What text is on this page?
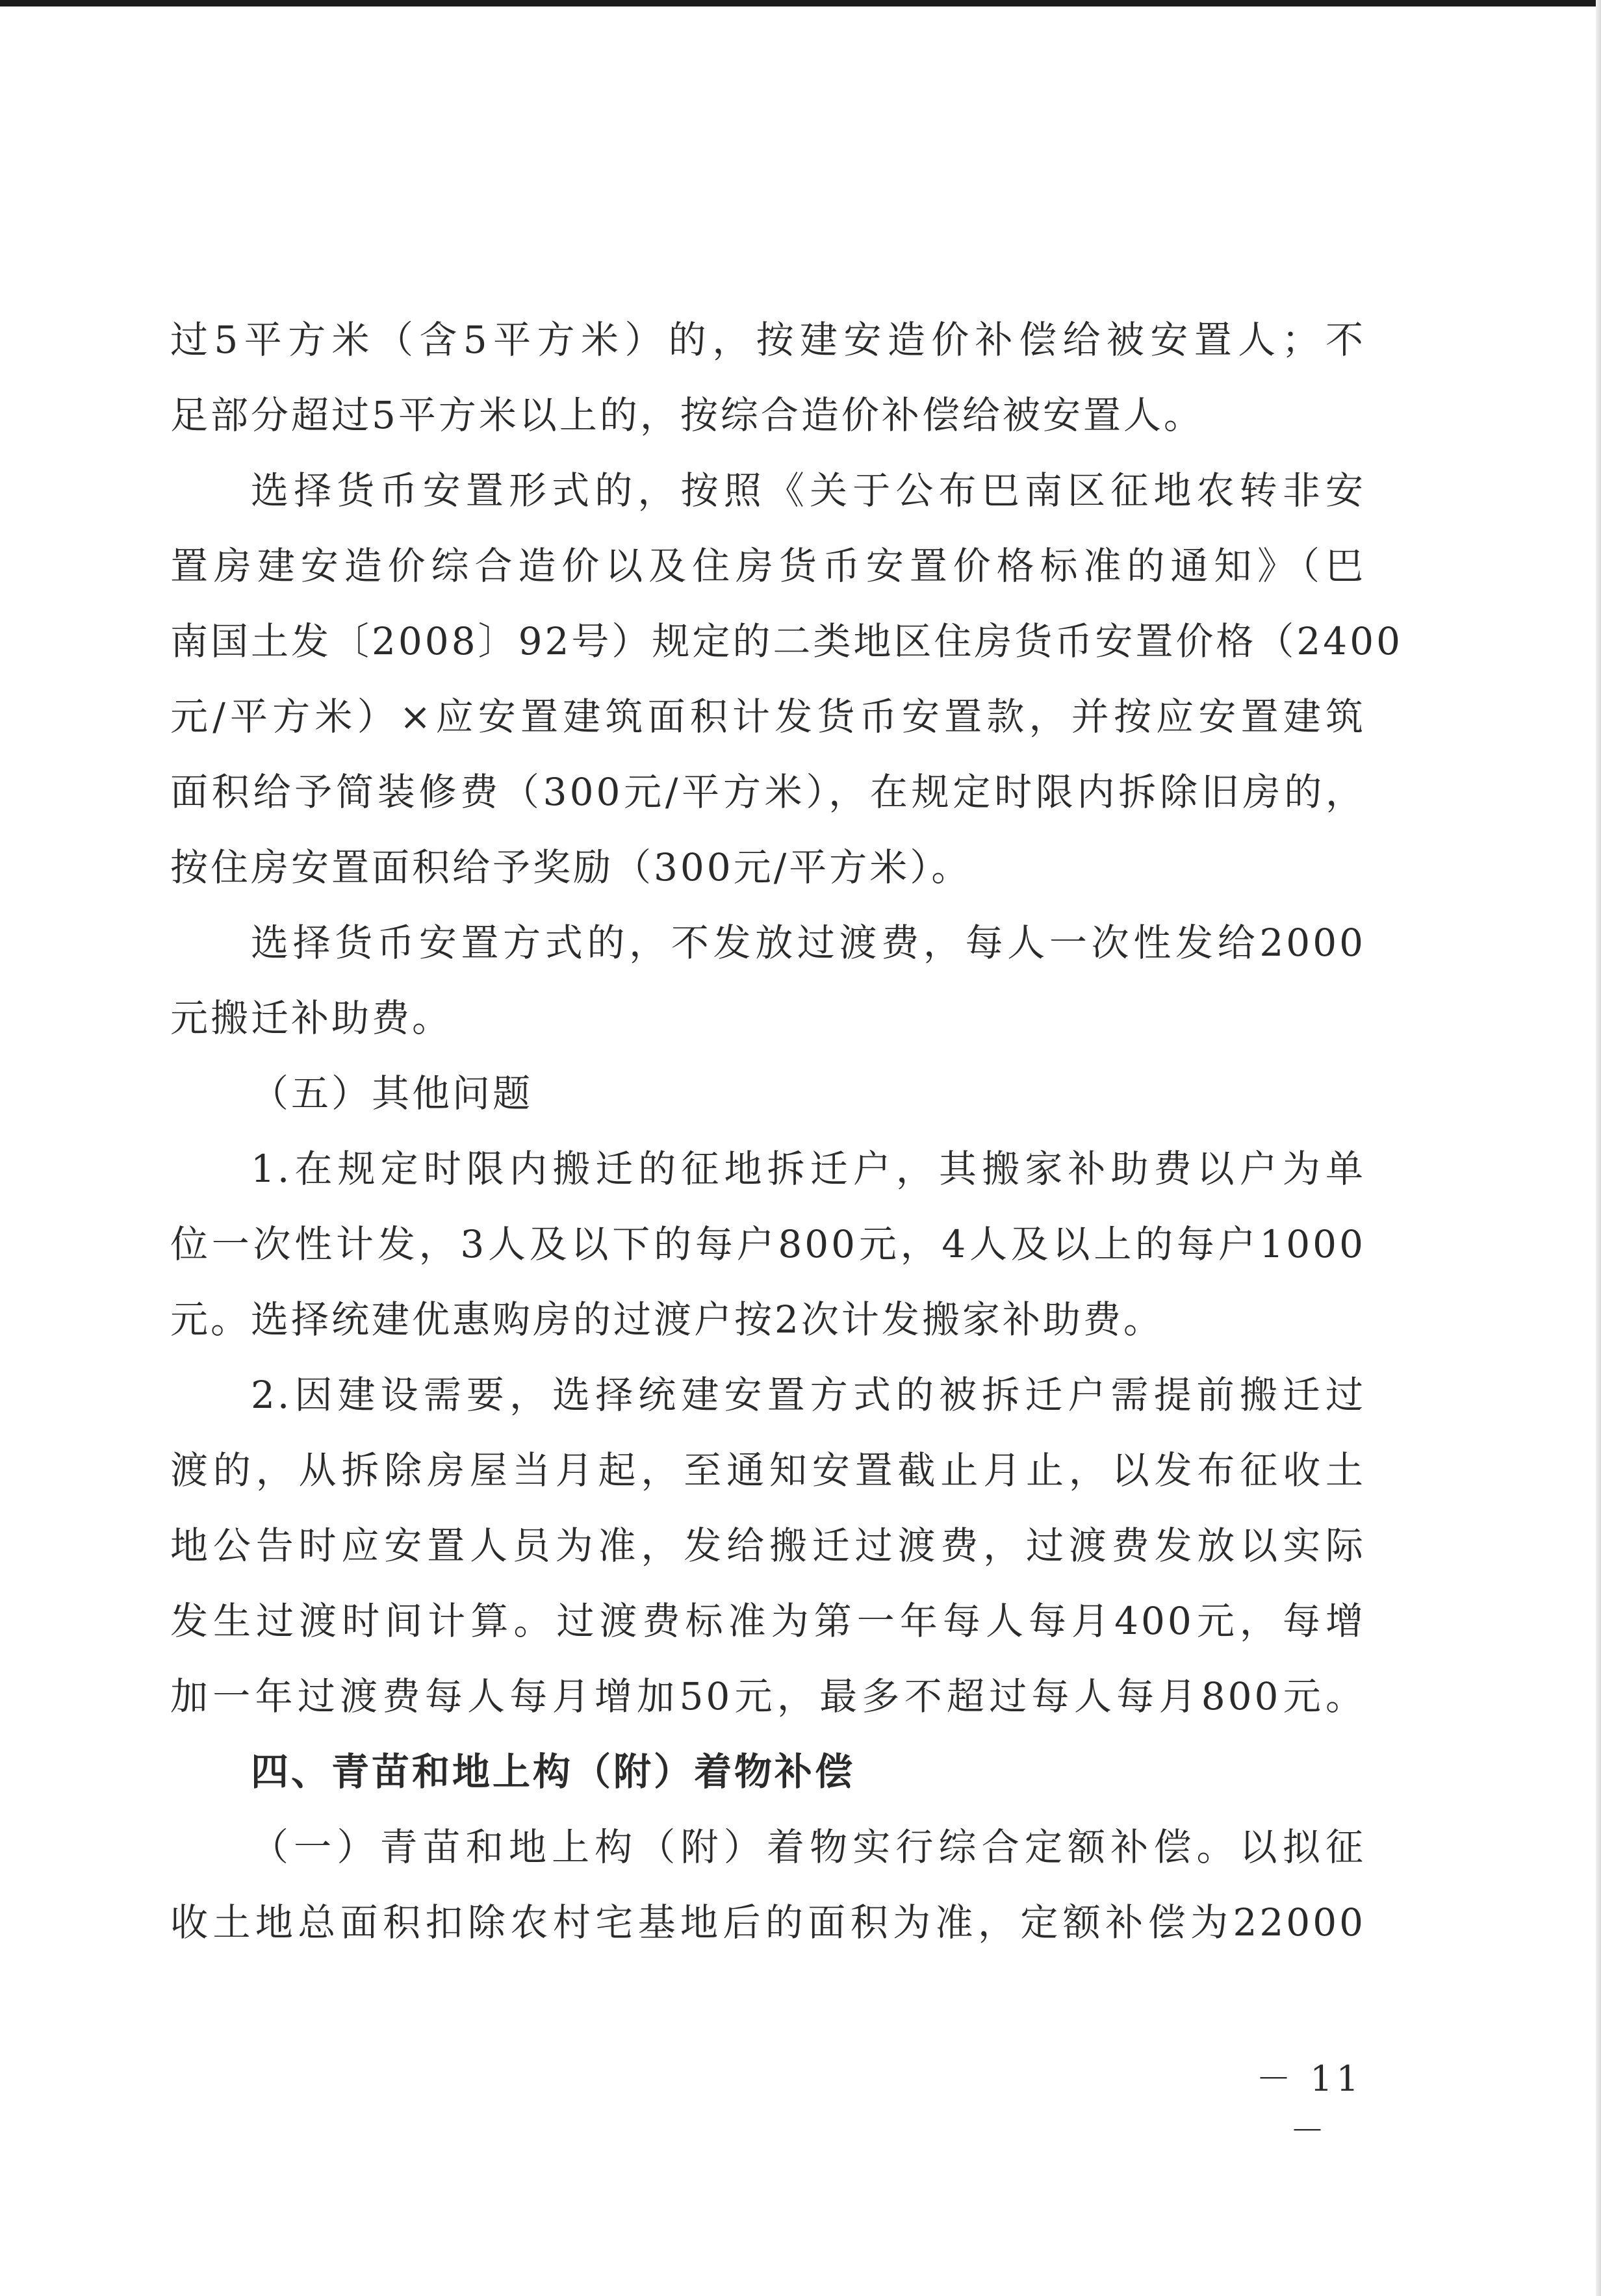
过5平方米（含5平方米）的，按建安造价补偿给被安置人；不
足部分超过5平方米以上的，按综合造价补偿给被安置人。
选择货币安置形式的，按照《关于公布巴南区征地农转非安
置房建安造价综合造价以及住房货币安置价格标准的通知》（巴
南国土发〔2008〕92号）规定的二类地区住房货币安置价格（2400
元/平方米）×应安置建筑面积计发货币安置款，并按应安置建筑
面积给予简装修费（300元/平方米），在规定时限内拆除旧房的，
按住房安置面积给予奖励（300元/平方米）。
选择货币安置方式的，不发放过渡费，每人一次性发给2000
元搬迁补助费。
（五）其他问题
1.在规定时限内搬迁的征地拆迁户，其搬家补助费以户为单
位一次性计发，3人及以下的每户800元，4人及以上的每户1000
元。选择统建优惠购房的过渡户按2次计发搬家补助费。
2.因建设需要，选择统建安置方式的被拆迁户需提前搬迁过
渡的，从拆除房屋当月起，至通知安置截止月止，以发布征收土
地公告时应安置人员为准，发给搬迁过渡费，过渡费发放以实际
发生过渡时间计算。过渡费标准为第一年每人每月400元，每增
加一年过渡费每人每月增加50元，最多不超过每人每月800元。
四、青苗和地上构（附）着物补偿
（一）青苗和地上构（附）着物实行综合定额补偿。以拟征
收土地总面积扣除农村宅基地后的面积为准，定额补偿为22000
－ 11 －
